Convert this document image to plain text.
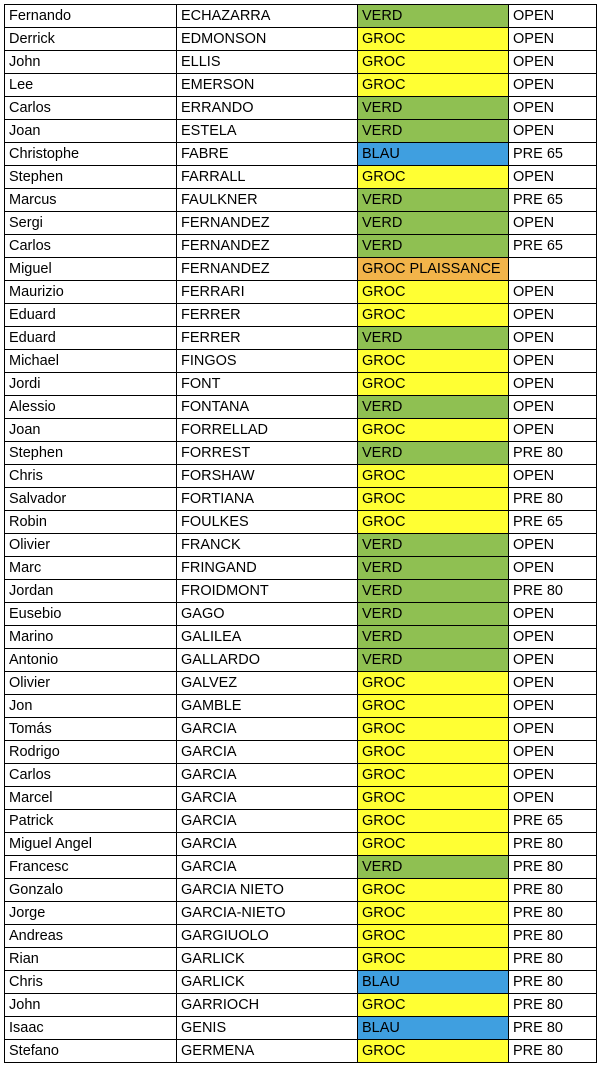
Fernando	ECHAZARRA	VERD	OPEN
Derrick	EDMONSON	GROC	OPEN
John	ELLIS	GROC	OPEN
Lee	EMERSON	GROC	OPEN
Carlos	ERRANDO	VERD	OPEN
Joan	ESTELA	VERD	OPEN
Christophe	FABRE	BLAU	PRE 65
Stephen	FARRALL	GROC	OPEN
Marcus	FAULKNER	VERD	PRE 65
Sergi	FERNANDEZ	VERD	OPEN
Carlos	FERNANDEZ	VERD	PRE 65
Miguel	FERNANDEZ	GROC PLAISSANCE	
Maurizio	FERRARI	GROC	OPEN
Eduard	FERRER	GROC	OPEN
Eduard	FERRER	VERD	OPEN
Michael	FINGOS	GROC	OPEN
Jordi	FONT	GROC	OPEN
Alessio	FONTANA	VERD	OPEN
Joan	FORRELLAD	GROC	OPEN
Stephen	FORREST	VERD	PRE 80
Chris	FORSHAW	GROC	OPEN
Salvador	FORTIANA	GROC	PRE 80
Robin	FOULKES	GROC	PRE 65
Olivier	FRANCK	VERD	OPEN
Marc	FRINGAND	VERD	OPEN
Jordan	FROIDMONT	VERD	PRE 80
Eusebio	GAGO	VERD	OPEN
Marino	GALILEA	VERD	OPEN
Antonio	GALLARDO	VERD	OPEN
Olivier	GALVEZ	GROC	OPEN
Jon	GAMBLE	GROC	OPEN
Tomás	GARCIA	GROC	OPEN
Rodrigo	GARCIA	GROC	OPEN
Carlos	GARCIA	GROC	OPEN
Marcel	GARCIA	GROC	OPEN
Patrick	GARCIA	GROC	PRE 65
Miguel Angel	GARCIA	GROC	PRE 80
Francesc	GARCIA	VERD	PRE 80
Gonzalo	GARCIA NIETO	GROC	PRE 80
Jorge	GARCIA-NIETO	GROC	PRE 80
Andreas	GARGIUOLO	GROC	PRE 80
Rian	GARLICK	GROC	PRE 80
Chris	GARLICK	BLAU	PRE 80
John	GARRIOCH	GROC	PRE 80
Isaac	GENIS	BLAU	PRE 80
Stefano	GERMENA	GROC	PRE 80
